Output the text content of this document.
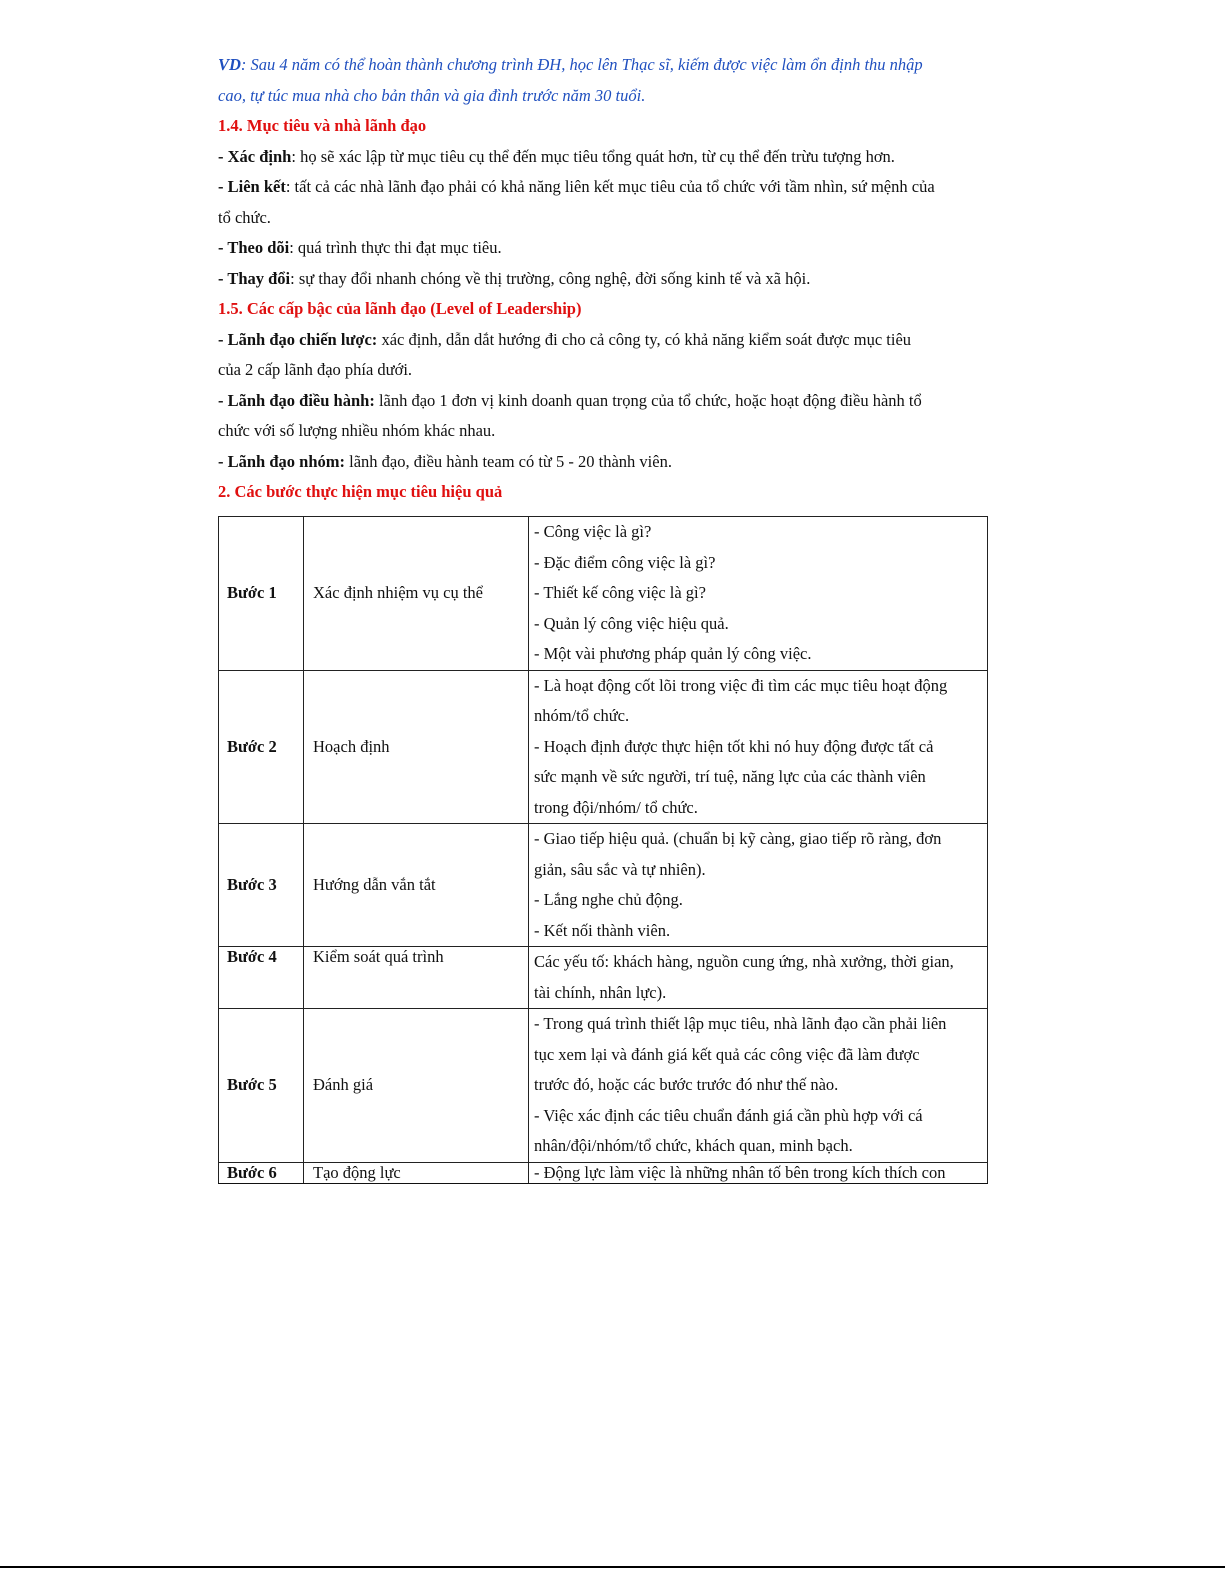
VD: Sau 4 năm có thể hoàn thành chương trình ĐH, học lên Thạc sĩ, kiếm được việc làm ổn định thu nhập
cao, tự túc mua nhà cho bản thân và gia đình trước năm 30 tuổi.
1.4. Mục tiêu và nhà lãnh đạo
- Xác định: họ sẽ xác lập từ mục tiêu cụ thể đến mục tiêu tổng quát hơn, từ cụ thể đến trừu tượng hơn.
- Liên kết: tất cả các nhà lãnh đạo phải có khả năng liên kết mục tiêu của tổ chức với tầm nhìn, sứ mệnh của
tổ chức.
- Theo dõi: quá trình thực thi đạt mục tiêu.
- Thay đổi: sự thay đổi nhanh chóng về thị trường, công nghệ, đời sống kinh tế và xã hội.
1.5. Các cấp bậc của lãnh đạo (Level of Leadership)
- Lãnh đạo chiến lược: xác định, dẫn dắt hướng đi cho cả công ty, có khả năng kiểm soát được mục tiêu
của 2 cấp lãnh đạo phía dưới.
- Lãnh đạo điều hành: lãnh đạo 1 đơn vị kinh doanh quan trọng của tổ chức, hoặc hoạt động điều hành tổ
chức với số lượng nhiều nhóm khác nhau.
- Lãnh đạo nhóm: lãnh đạo, điều hành team có từ 5 - 20 thành viên.
2. Các bước thực hiện mục tiêu hiệu quả
Bước 1	Xác định nhiệm vụ cụ thể	- Công việc là gì?
- Đặc điểm công việc là gì?
- Thiết kế công việc là gì?
- Quản lý công việc hiệu quả.
- Một vài phương pháp quản lý công việc.

Bước 2	Hoạch định	- Là hoạt động cốt lõi trong việc đi tìm các mục tiêu hoạt động
nhóm/tổ chức.
- Hoạch định được thực hiện tốt khi nó huy động được tất cả
sức mạnh về sức người, trí tuệ, năng lực của các thành viên
trong đội/nhóm/ tổ chức.

Bước 3	Hướng dẫn vắn tắt	- Giao tiếp hiệu quả. (chuẩn bị kỹ càng, giao tiếp rõ ràng, đơn
giản, sâu sắc và tự nhiên).
- Lắng nghe chủ động.
- Kết nối thành viên.

Bước 4	Kiểm soát quá trình	Các yếu tố: khách hàng, nguồn cung ứng, nhà xưởng, thời gian,
tài chính, nhân lực).

Bước 5	Đánh giá	- Trong quá trình thiết lập mục tiêu, nhà lãnh đạo cần phải liên
tục xem lại và đánh giá kết quả các công việc đã làm được
trước đó, hoặc các bước trước đó như thế nào.
- Việc xác định các tiêu chuẩn đánh giá cần phù hợp với cá
nhân/đội/nhóm/tổ chức, khách quan, minh bạch.

Bước 6	Tạo động lực	- Động lực làm việc là những nhân tố bên trong kích thích con
